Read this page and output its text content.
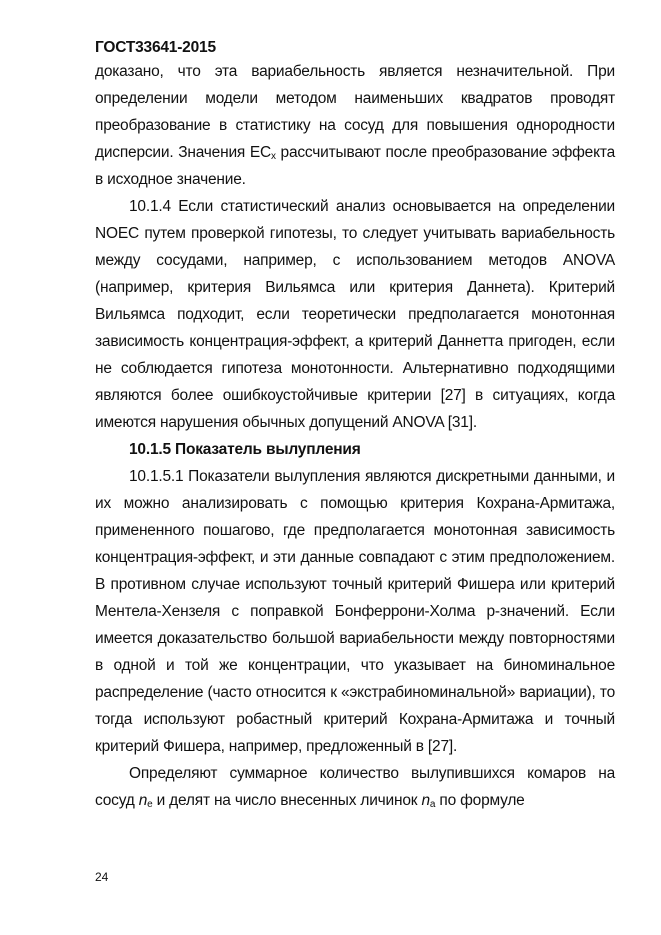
ГОСТ33641-2015

доказано, что эта вариабельность является незначительной. При определении модели методом наименьших квадратов проводят преобразование в статистику на сосуд для повышения однородности дисперсии. Значения $EC_x$ рассчитывают после преобразование эффекта в исходное значение.

10.1.4 Если статистический анализ основывается на определении NOEC путем проверкой гипотезы, то следует учитывать вариабельность между сосудами, например, с использованием методов ANOVA (например, критерия Вильямса или критерия Даннета). Критерий Вильямса подходит, если теоретически предполагается монотонная зависимость концентрация-эффект, а критерий Даннетта пригоден, если не соблюдается гипотеза монотонности. Альтернативно подходящими являются более ошибкоустойчивые критерии [27] в ситуациях, когда имеются нарушения обычных допущений ANOVA [31].

10.1.5 Показатель вылупления

10.1.5.1 Показатели вылупления являются дискретными данными, и их можно анализировать с помощью критерия Кохрана-Армитажа, примененного пошагово, где предполагается монотонная зависимость концентрация-эффект, и эти данные совпадают с этим предположением. В противном случае используют точный критерий Фишера или критерий Ментела-Хензеля с поправкой Бонферрони-Холма p-значений. Если имеется доказательство большой вариабельности между повторностями в одной и той же концентрации, что указывает на биноминальное распределение (часто относится к «экстрабиноминальной» вариации), то тогда используют робастный критерий Кохрана-Армитажа и точный критерий Фишера, например, предложенный в [27].

Определяют суммарное количество вылупившихся комаров на сосуд $n_e$ и делят на число внесенных личинок $n_a$ по формуле

24
